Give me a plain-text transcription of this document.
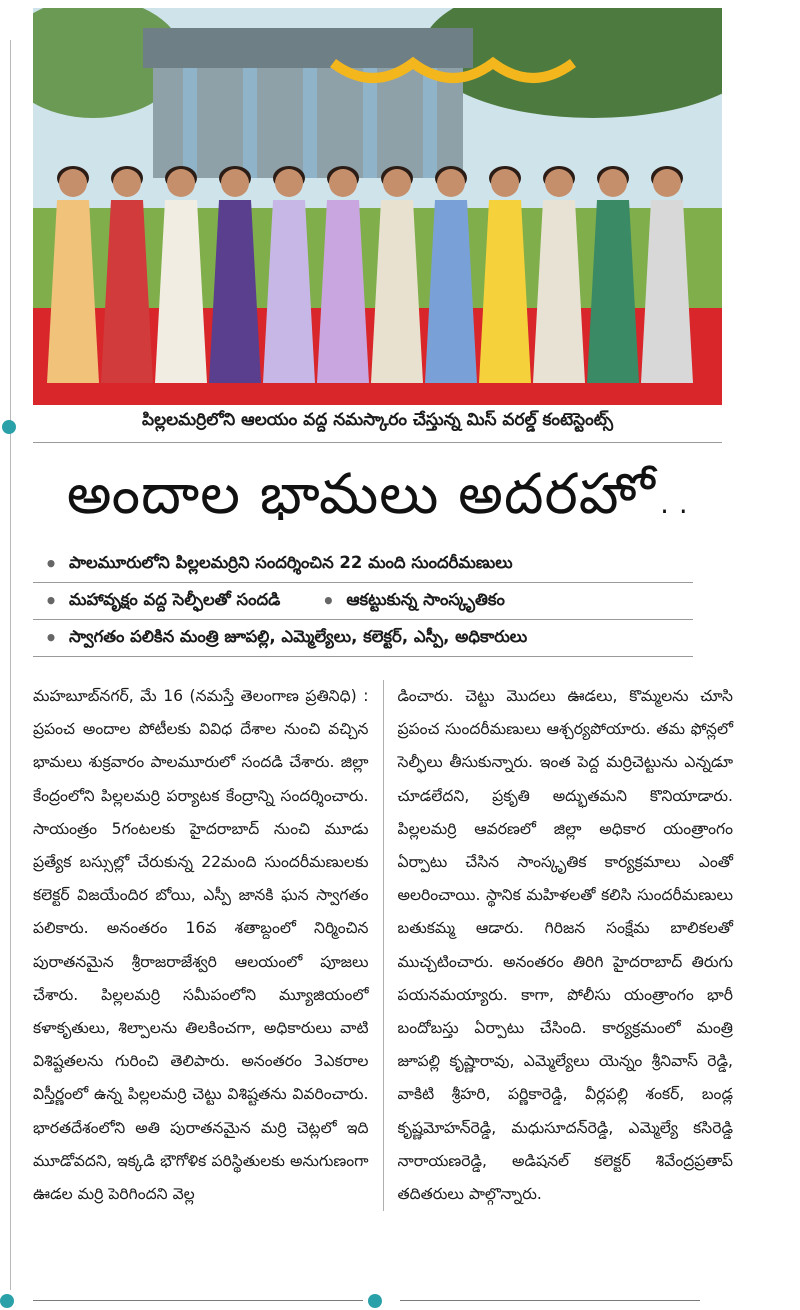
పిల్లలమర్రిలోని ఆలయం వద్ద నమస్కారం చేస్తున్న మిస్ వరల్డ్ కంటెస్టెంట్స్
అందాల భామలు అదరహో..
• పాలమూరులోని పిల్లలమర్రిని సందర్శించిన 22 మంది సుందరీమణులు
• మహావృక్షం వద్ద సెల్ఫీలతో సందడి	• ఆకట్టుకున్న సాంస్కృతికం
• స్వాగతం పలికిన మంత్రి జూపల్లి, ఎమ్మెల్యేలు, కలెక్టర్, ఎస్పీ, అధికారులు

మహబూబ్‌నగర్, మే 16 (నమస్తే తెలంగాణ ప్రతినిధి) : ప్రపంచ అందాల పోటీలకు వివిధ దేశాల నుంచి వచ్చిన భామలు శుక్రవారం పాలమూరులో సందడి చేశారు. జిల్లా కేంద్రంలోని పిల్లలమర్రి పర్యాటక కేంద్రాన్ని సందర్శించారు. సాయంత్రం 5గంటలకు హైదరాబాద్ నుంచి మూడు ప్రత్యేక బస్సుల్లో చేరుకున్న 22మంది సుందరీమణులకు కలెక్టర్ విజయేందిర బోయి, ఎస్పీ జానకి ఘన స్వాగతం పలికారు. అనంతరం 16వ శతాబ్దంలో నిర్మించిన పురాతనమైన శ్రీరాజరాజేశ్వరి ఆలయంలో పూజలు చేశారు. పిల్లలమర్రి సమీపంలోని మ్యూజియంలో కళాకృతులు, శిల్పాలను తిలకించగా, అధికారులు వాటి విశిష్టతలను గురించి తెలిపారు. అనంతరం 3ఎకరాల విస్తీర్ణంలో ఉన్న పిల్లలమర్రి చెట్టు విశిష్టతను వివరించారు. భారతదేశంలోని అతి పురాతనమైన మర్రి చెట్లలో ఇది మూడోవదని, ఇక్కడి భౌగోళిక పరిస్థితులకు అనుగుణంగా ఊడల మర్రి పెరిగిందని వెల్ల

డించారు. చెట్టు మొదలు ఊడలు, కొమ్మలను చూసి ప్రపంచ సుందరీమణులు ఆశ్చర్యపోయారు. తమ ఫోన్లలో సెల్ఫీలు తీసుకున్నారు. ఇంత పెద్ద మర్రిచెట్టును ఎన్నడూ చూడలేదని, ప్రకృతి అద్భుతమని కొనియాడారు. పిల్లలమర్రి ఆవరణలో జిల్లా అధికార యంత్రాంగం ఏర్పాటు చేసిన సాంస్కృతిక కార్యక్రమాలు ఎంతో అలరించాయి. స్థానిక మహిళలతో కలిసి సుందరీమణులు బతుకమ్మ ఆడారు. గిరిజన సంక్షేమ బాలికలతో ముచ్చటించారు. అనంతరం తిరిగి హైదరాబాద్ తిరుగు పయనమయ్యారు. కాగా, పోలీసు యంత్రాంగం భారీ బందోబస్తు ఏర్పాటు చేసింది. కార్యక్రమంలో మంత్రి జూపల్లి కృష్ణారావు, ఎమ్మెల్యేలు యెన్నం శ్రీనివాస్ రెడ్డి, వాకిటి శ్రీహరి, పర్ణికారెడ్డి, వీర్లపల్లి శంకర్, బండ్ల కృష్ణమోహన్‌రెడ్డి, మధుసూదన్‌రెడ్డి, ఎమ్మెల్యే కసిరెడ్డి నారాయణరెడ్డి, అడిషనల్ కలెక్టర్ శివేంద్రప్రతాప్ తదితరులు పాల్గొన్నారు.
